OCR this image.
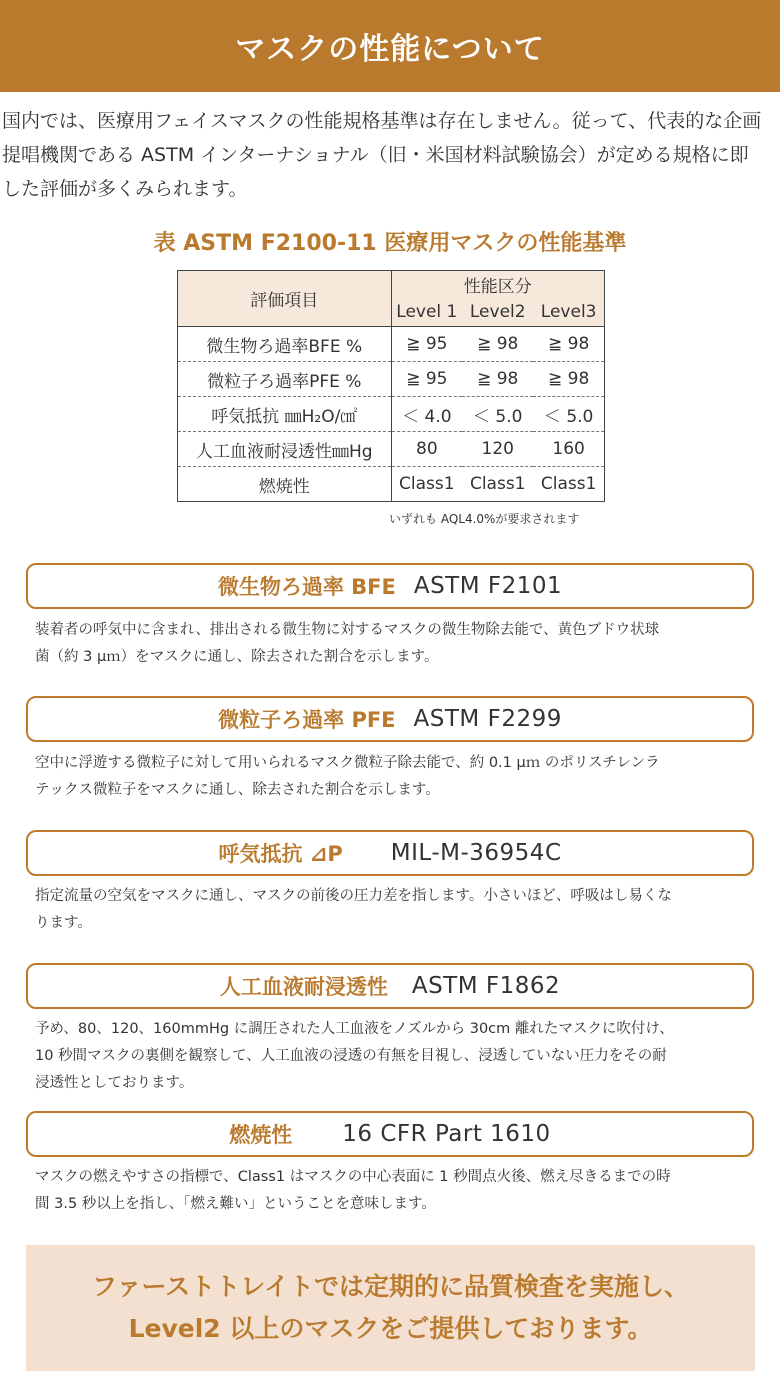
マスクの性能について
国内では、医療用フェイスマスクの性能規格基準は存在しません。従って、代表的な企画
提唱機関である ASTM インターナショナル（旧・米国材料試験協会）が定める規格に即
した評価が多くみられます。
表 ASTM F2100-11 医療用マスクの性能基準
評価項目	性能区分		
	Level 1	Level2	Level3
微生物ろ過率BFE %	≧ 95	≧ 98	≧ 98
微粒子ろ過率PFE %	≧ 95	≧ 98	≧ 98
呼気抵抗 ㎜H₂O/㎠	＜ 4.0	＜ 5.0	＜ 5.0
人工血液耐浸透性㎜Hg	80	120	160
燃焼性	Class1	Class1	Class1
いずれも AQL4.0%が要求されます
微生物ろ過率 BFE ASTM F2101
装着者の呼気中に含まれ、排出される微生物に対するマスクの微生物除去能で、黄色ブドウ状球
菌（約 3 μｍ）をマスクに通し、除去された割合を示します。
微粒子ろ過率 PFE ASTM F2299
空中に浮遊する微粒子に対して用いられるマスク微粒子除去能で、約 0.1 μｍ のポリスチレンラ
テックス微粒子をマスクに通し、除去された割合を示します。
呼気抵抗 ⊿P MIL-M-36954C
指定流量の空気をマスクに通し、マスクの前後の圧力差を指します。小さいほど、呼吸はし易くな
ります。
人工血液耐浸透性 ASTM F1862
予め、80、120、160mmHg に調圧された人工血液をノズルから 30cm 離れたマスクに吹付け、
10 秒間マスクの裏側を観察して、人工血液の浸透の有無を目視し、浸透していない圧力をその耐
浸透性としております。
燃焼性 16 CFR Part 1610
マスクの燃えやすさの指標で、Class1 はマスクの中心表面に 1 秒間点火後、燃え尽きるまでの時
間 3.5 秒以上を指し、「燃え難い」ということを意味します。
ファーストトレイトでは定期的に品質検査を実施し、
Level2 以上のマスクをご提供しております。
